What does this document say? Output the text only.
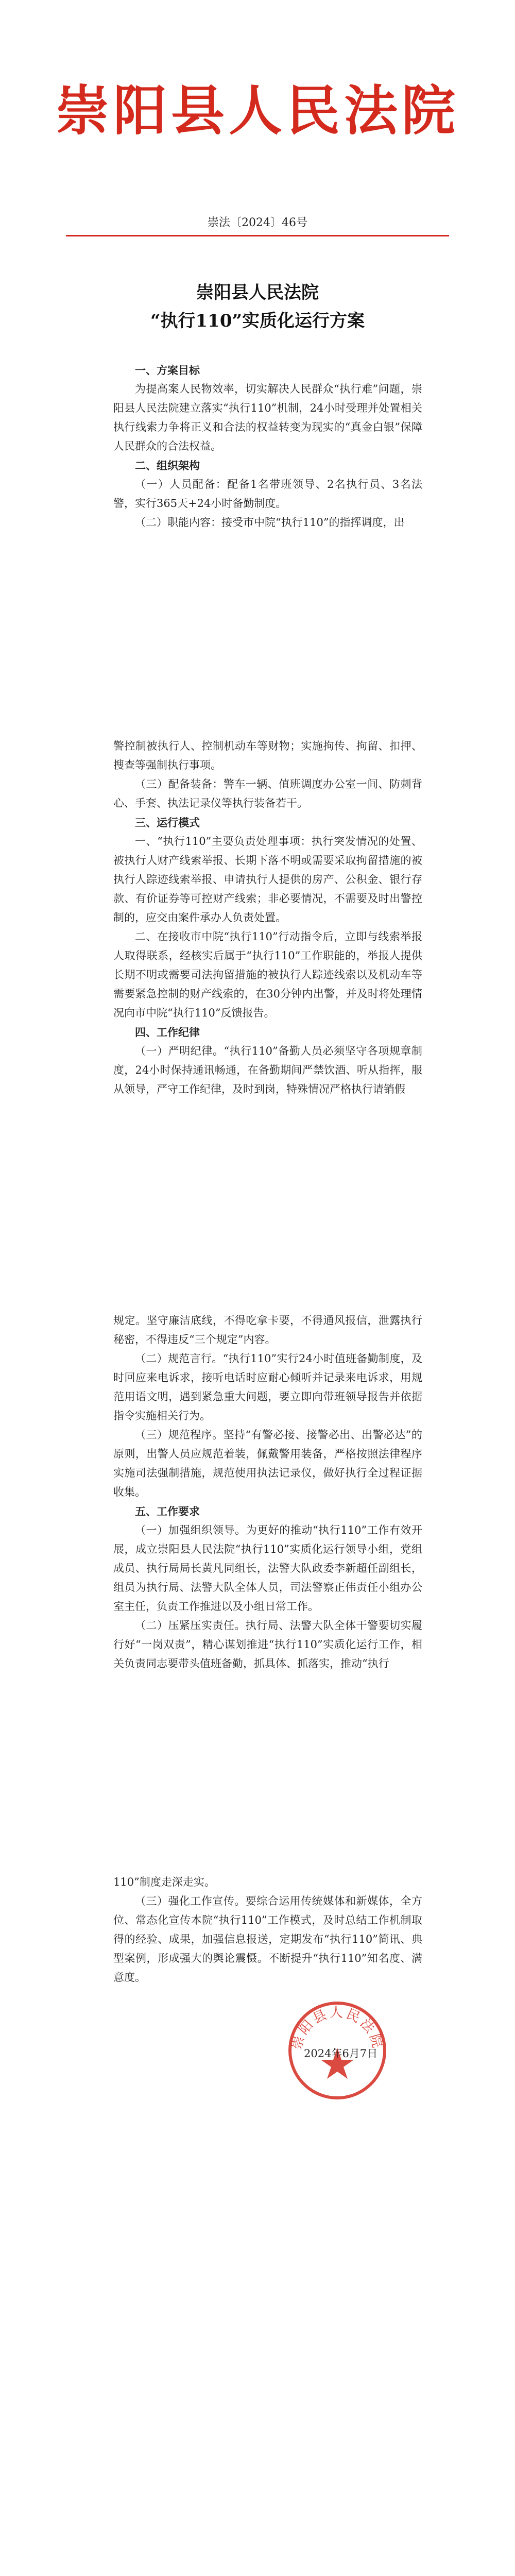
崇阳县人民法院
崇法〔2024〕46号
崇阳县人民法院
“执行110”实质化运行方案

一、方案目标

为提高案人民物效率，切实解决人民群众“执行难”问题，崇阳县人民法院建立落实“执行110”机制，24小时受理并处置相关执行线索力争将正义和合法的权益转变为现实的“真金白银”保障人民群众的合法权益。

二、组织架构

（一）人员配备：配备1名带班领导、2名执行员、3名法警，实行365天+24小时备勤制度。

（二）职能内容：接受市中院“执行110”的指挥调度，出

警控制被执行人、控制机动车等财物；实施拘传、拘留、扣押、搜查等强制执行事项。

（三）配备装备：警车一辆、值班调度办公室一间、防刺背心、手套、执法记录仪等执行装备若干。

三、运行模式

一、“执行110”主要负责处理事项：执行突发情况的处置、被执行人财产线索举报、长期下落不明或需要采取拘留措施的被执行人踪迹线索举报、申请执行人提供的房产、公积金、银行存款、有价证券等可控财产线索；非必要情况，不需要及时出警控制的，应交由案件承办人负责处置。

二、在接收市中院“执行110”行动指令后，立即与线索举报人取得联系，经核实后属于“执行110”工作职能的，举报人提供长期不明或需要司法拘留措施的被执行人踪迹线索以及机动车等需要紧急控制的财产线索的，在30分钟内出警，并及时将处理情况向市中院“执行110”反馈报告。

四、工作纪律

（一）严明纪律。“执行110”备勤人员必须坚守各项规章制度，24小时保持通讯畅通，在备勤期间严禁饮酒、听从指挥，服从领导，严守工作纪律，及时到岗，特殊情况严格执行请销假

规定。坚守廉洁底线，不得吃拿卡要，不得通风报信，泄露执行秘密，不得违反“三个规定”内容。

（二）规范言行。“执行110”实行24小时值班备勤制度，及时回应来电诉求，接听电话时应耐心倾听并记录来电诉求，用规范用语文明，遇到紧急重大问题，要立即向带班领导报告并依据指令实施相关行为。

（三）规范程序。坚持“有警必接、接警必出、出警必达”的原则，出警人员应规范着装，佩戴警用装备，严格按照法律程序实施司法强制措施，规范使用执法记录仪，做好执行全过程证据收集。

五、工作要求

（一）加强组织领导。为更好的推动“执行110”工作有效开展，成立崇阳县人民法院“执行110”实质化运行领导小组，党组成员、执行局局长黄凡同组长，法警大队政委李新超任副组长，组员为执行局、法警大队全体人员，司法警察正伟责任小组办公室主任，负责工作推进以及小组日常工作。

（二）压紧压实责任。执行局、法警大队全体干警要切实履行好“一岗双责”，精心谋划推进“执行110”实质化运行工作，相关负责同志要带头值班备勤，抓具体、抓落实，推动“执行

110”制度走深走实。

（三）强化工作宣传。要综合运用传统媒体和新媒体，全方位、常态化宣传本院“执行110”工作模式，及时总结工作机制取得的经验、成果，加强信息报送，定期发布“执行110”简讯、典型案例，形成强大的舆论震慑。不断提升“执行110”知名度、满意度。

崇阳县人民法院
2024年6月7日
